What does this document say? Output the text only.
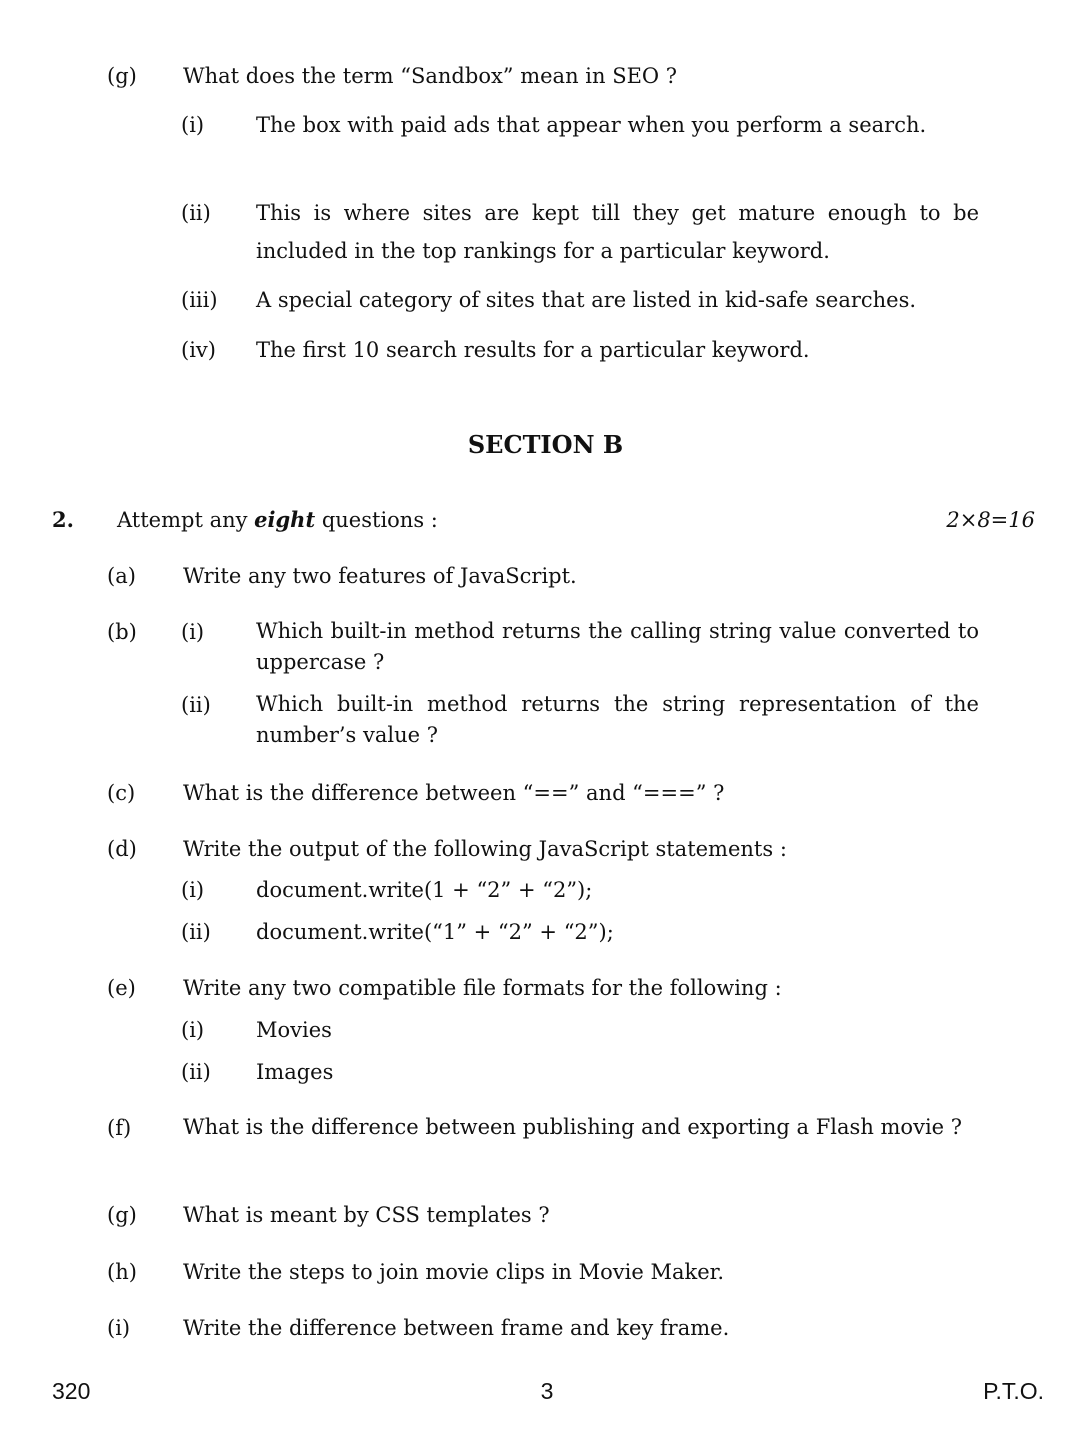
(g) What does the term “Sandbox” mean in SEO ?
(i) The box with paid ads that appear when you perform a search.
(ii) This is where sites are kept till they get mature enough to be included in the top rankings for a particular keyword.
(iii) A special category of sites that are listed in kid-safe searches.
(iv) The first 10 search results for a particular keyword.
SECTION B
2. Attempt any eight questions :	2×8=16
(a) Write any two features of JavaScript.
(b) (i) Which built-in method returns the calling string value converted to uppercase ?
(ii) Which built-in method returns the string representation of the number’s value ?
(c) What is the difference between “==” and “===” ?
(d) Write the output of the following JavaScript statements :
(i) document.write(1 + “2” + “2”);
(ii) document.write(“1” + “2” + “2”);
(e) Write any two compatible file formats for the following :
(i) Movies
(ii) Images
(f) What is the difference between publishing and exporting a Flash movie ?
(g) What is meant by CSS templates ?
(h) Write the steps to join movie clips in Movie Maker.
(i)	Write the difference between frame and key frame.
320	3	P.T.O.
